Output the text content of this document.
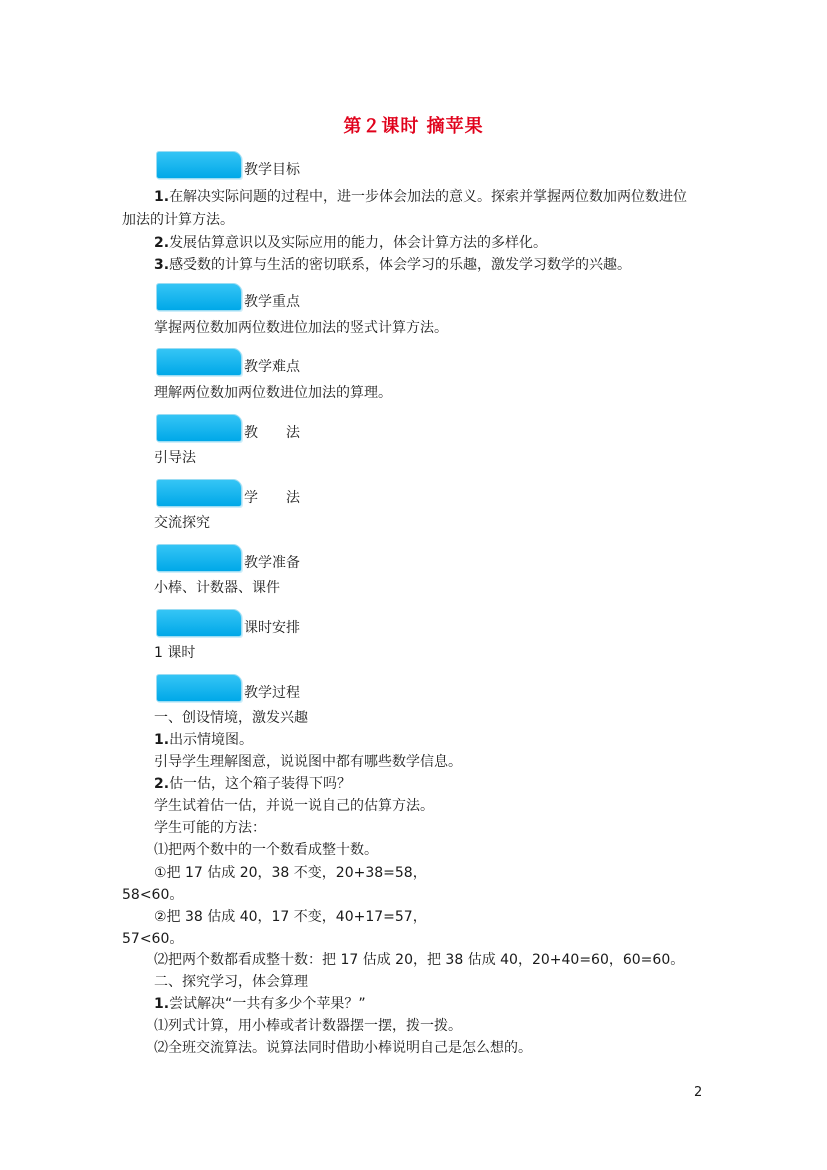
第２课时 摘苹果
教学目标
1.在解决实际问题的过程中，进一步体会加法的意义。探索并掌握两位数加两位数进位
加法的计算方法。
2.发展估算意识以及实际应用的能力，体会计算方法的多样化。
3.感受数的计算与生活的密切联系，体会学习的乐趣，激发学习数学的兴趣。
教学重点
掌握两位数加两位数进位加法的竖式计算方法。
教学难点
理解两位数加两位数进位加法的算理。
教　　法
引导法
学　　法
交流探究
教学准备
小棒、计数器、课件
课时安排
1 课时
教学过程
一、创设情境，激发兴趣
1.出示情境图。
引导学生理解图意，说说图中都有哪些数学信息。
2.估一估，这个箱子装得下吗？
学生试着估一估，并说一说自己的估算方法。
学生可能的方法：
⑴把两个数中的一个数看成整十数。
①把 17 估成 20，38 不变，20+38=58，
58<60。
②把 38 估成 40，17 不变，40+17=57，
57<60。
⑵把两个数都看成整十数：把 17 估成 20，把 38 估成 40，20+40=60，60=60。
二、探究学习，体会算理
1.尝试解决“一共有多少个苹果？”
⑴列式计算，用小棒或者计数器摆一摆，拨一拨。
⑵全班交流算法。说算法同时借助小棒说明自己是怎么想的。
2
